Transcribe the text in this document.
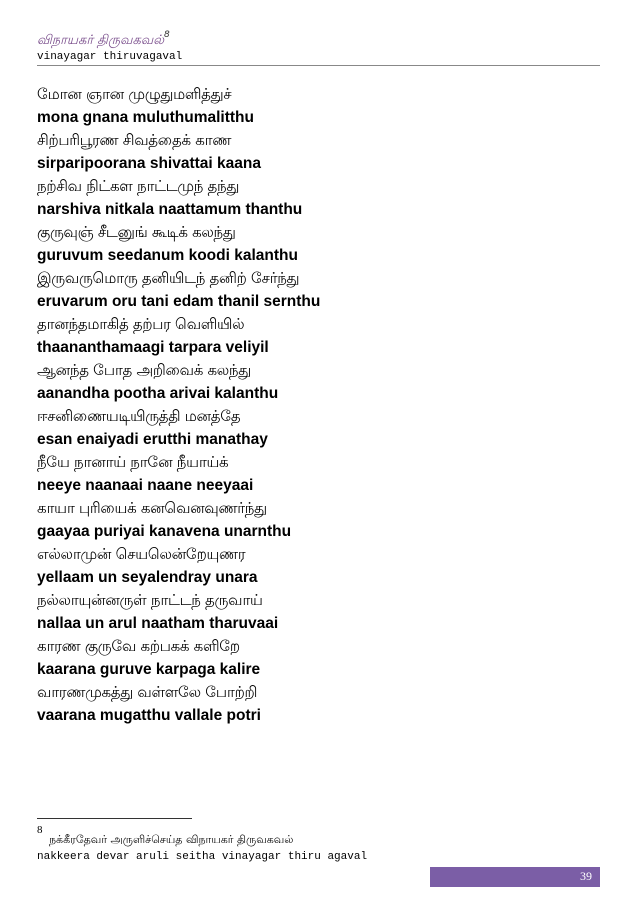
விநாயகர் திருவகவல்$^8$
vinayagar thiruvagaval
மோன ஞான முழுதுமளித்துச்
mona gnana muluthumalitthu
சிற்பரிபூரண சிவத்தைக் காண
sirparipoorana shivattai kaana
நற்சிவ நிட்கள நாட்டமுந் தந்து
narshiva nitkala naattamum thanthu
குருவுஞ் சீடனுங் கூடிக் கலந்து
guruvum seedanum koodi kalanthu
இருவருமொரு தனியிடந் தனிற் சேர்ந்து
eruvarum oru tani edam thanil sernthu
தானந்தமாகித் தற்பர வெளியில்
thaananthamaagi tarpara veliyil
ஆனந்த போத அறிவைக் கலந்து
aanandha pootha arivai kalanthu
ஈசனிணையடியிருத்தி மனத்தே
esan enaiyadi erutthi manathay
நீயே நானாய் நானே நீயாய்க்
neeye naanaai naane neeyaai
காயா புரியைக் கனவெனவுணர்ந்து
gaayaa puriyai kanavena unarnthu
எல்லாமுன் செயலென்றேயுணர
yellaam un seyalendray unara
நல்லாயுன்னருள் நாட்டந் தருவாய்
nallaa un arul naatham tharuvaai
காரண குருவே கற்பகக் களிறே
kaarana guruve karpaga kalire
வாரணமுகத்து வள்ளலே போற்றி
vaarana mugatthu vallale potri
8
நக்கீரதேவர் அருளிச்செய்த விநாயகர் திருவகவல்
nakkeera devar aruli seitha vinayagar thiru agaval
39
